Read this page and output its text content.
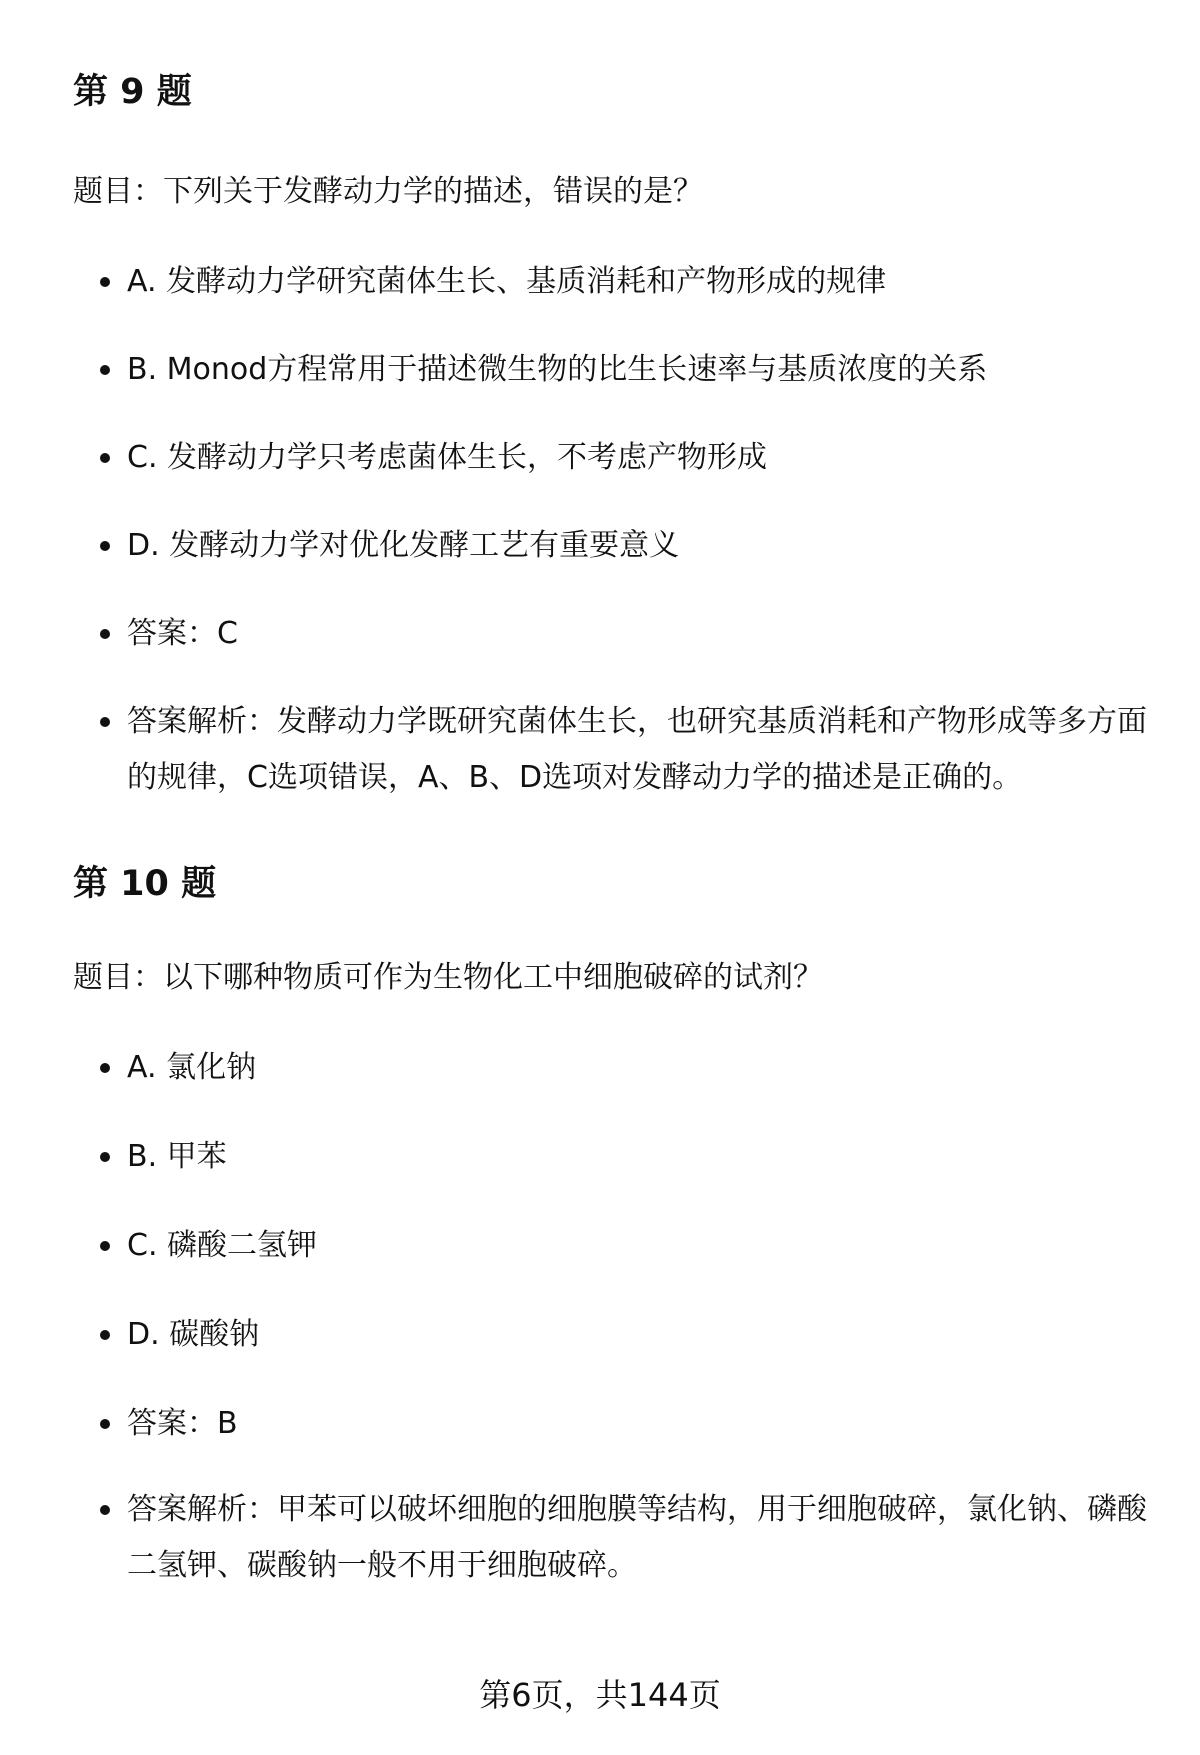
第 9 题

题目：下列关于发酵动力学的描述，错误的是？

A. 发酵动力学研究菌体生长、基质消耗和产物形成的规律
B. Monod方程常用于描述微生物的比生长速率与基质浓度的关系
C. 发酵动力学只考虑菌体生长，不考虑产物形成
D. 发酵动力学对优化发酵工艺有重要意义
答案：C
答案解析：发酵动力学既研究菌体生长，也研究基质消耗和产物形成等多方面的规律，C选项错误，A、B、D选项对发酵动力学的描述是正确的。
第 10 题

题目：以下哪种物质可作为生物化工中细胞破碎的试剂？

A. 氯化钠
B. 甲苯
C. 磷酸二氢钾
D. 碳酸钠
答案：B
答案解析：甲苯可以破坏细胞的细胞膜等结构，用于细胞破碎，氯化钠、磷酸二氢钾、碳酸钠一般不用于细胞破碎。
第6页，共144页
